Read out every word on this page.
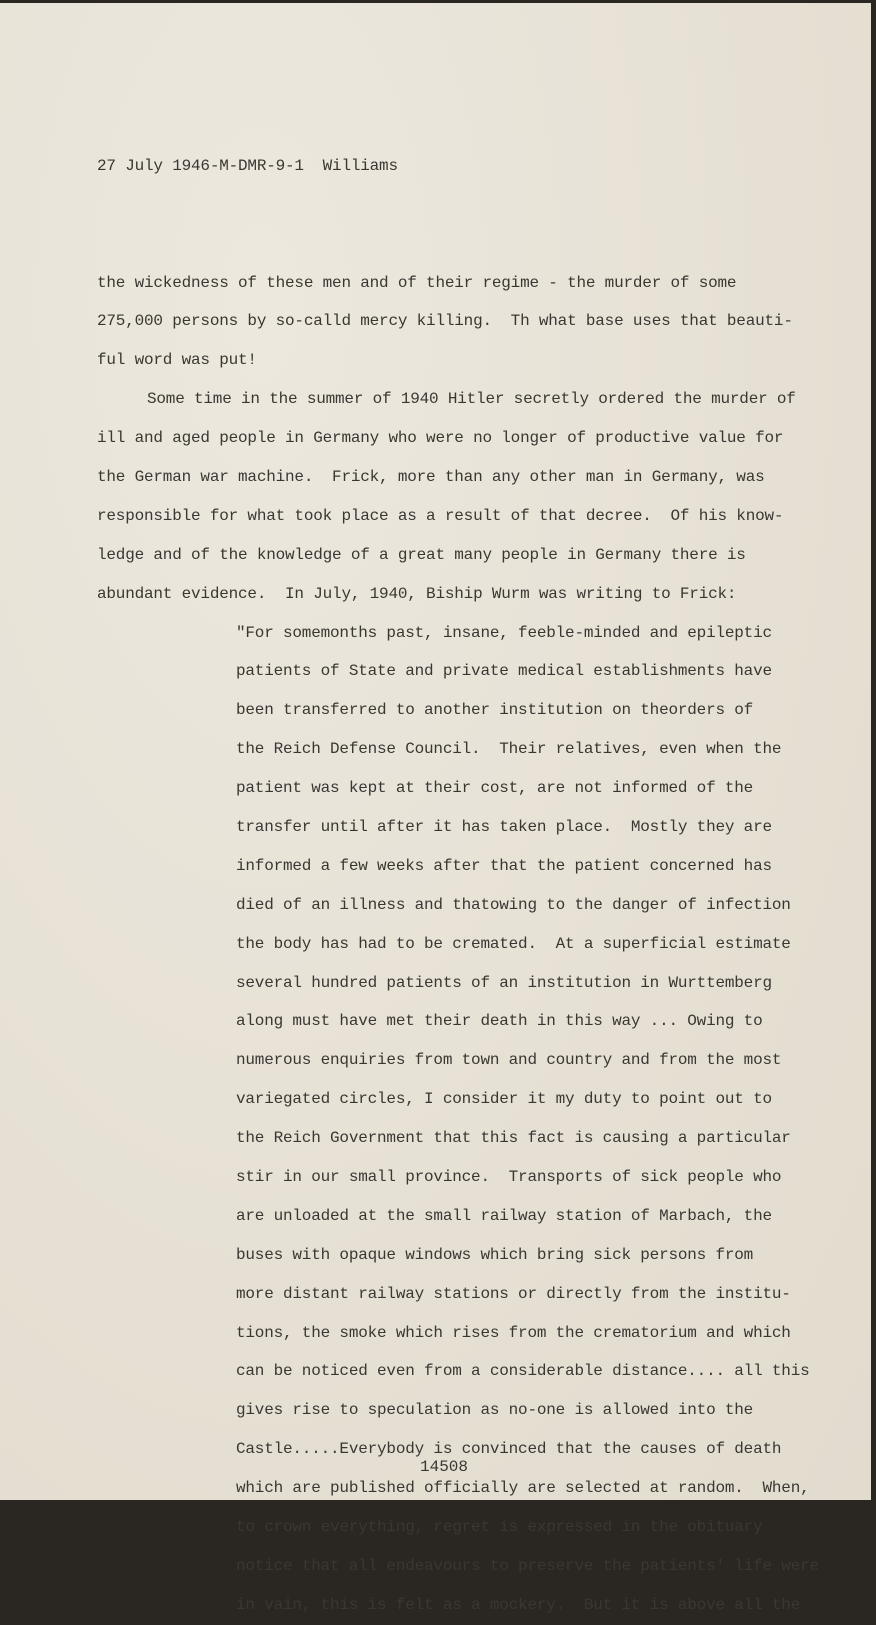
27 July 1946-M-DMR-9-1  Williams

the wickedness of these men and of their regime - the murder of some
275,000 persons by so-calld mercy killing.  Th what base uses that beauti-
ful word was put!
Some time in the summer of 1940 Hitler secretly ordered the murder of
ill and aged people in Germany who were no longer of productive value for
the German war machine.  Frick, more than any other man in Germany, was
responsible for what took place as a result of that decree.  Of his know-
ledge and of the knowledge of a great many people in Germany there is
abundant evidence.  In July, 1940, Biship Wurm was writing to Frick:
"For somemonths past, insane, feeble-minded and epileptic
patients of State and private medical establishments have
been transferred to another institution on theorders of
the Reich Defense Council.  Their relatives, even when the
patient was kept at their cost, are not informed of the
transfer until after it has taken place.  Mostly they are
informed a few weeks after that the patient concerned has
died of an illness and thatowing to the danger of infection
the body has had to be cremated.  At a superficial estimate
several hundred patients of an institution in Wurttemberg
along must have met their death in this way ... Owing to
numerous enquiries from town and country and from the most
variegated circles, I consider it my duty to point out to
the Reich Government that this fact is causing a particular
stir in our small province.  Transports of sick people who
are unloaded at the small railway station of Marbach, the
buses with opaque windows which bring sick persons from
more distant railway stations or directly from the institu-
tions, the smoke which rises from the crematorium and which
can be noticed even from a considerable distance.... all this
gives rise to speculation as no-one is allowed into the
Castle.....Everybody is convinced that the causes of death
which are published officially are selected at random.  When,
to crown everything, regret is expressed in the obituary
notice that all endeavours to preserve the patients' life were
in vain, this is felt as a mockery.  But it is above all the
14508
